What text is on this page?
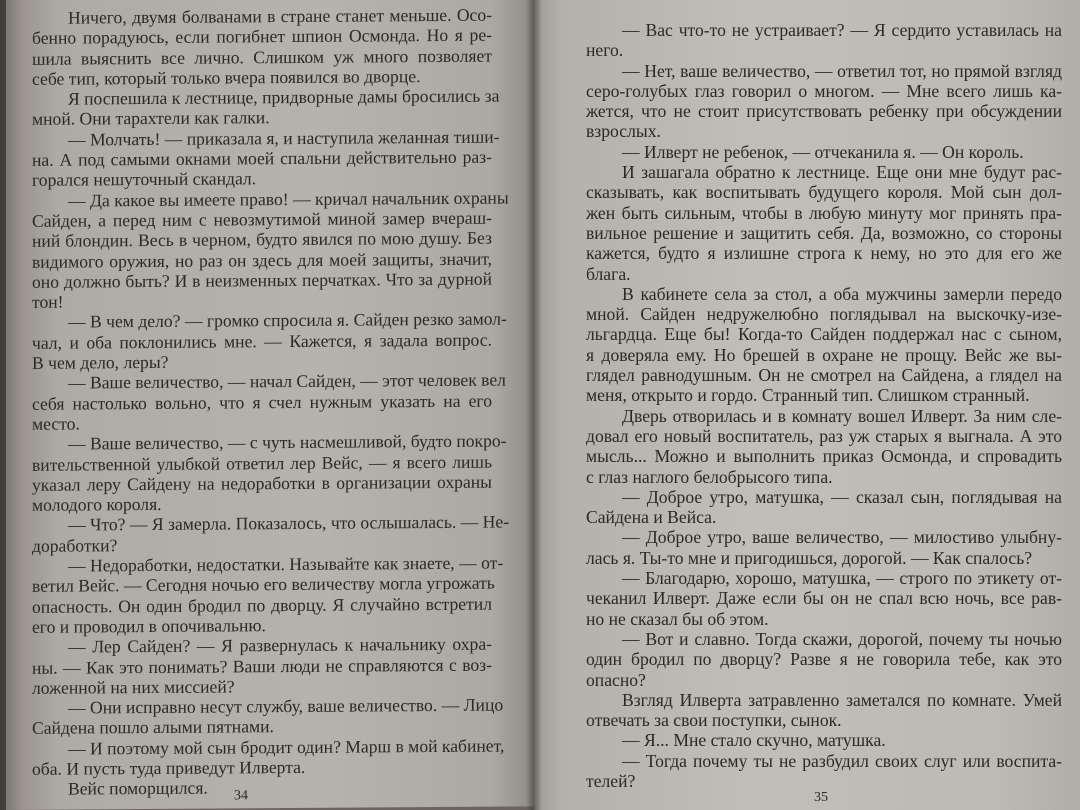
Ничего, двумя болванами в стране станет меньше. Осо-
бенно порадуюсь, если погибнет шпион Осмонда. Но я ре-
шила выяснить все лично. Слишком уж много позволяет
себе тип, который только вчера появился во дворце.
Я поспешила к лестнице, придворные дамы бросились за
мной. Они тарахтели как галки.
— Молчать! — приказала я, и наступила желанная тиши-
на. А под самыми окнами моей спальни действительно раз-
горался нешуточный скандал.
— Да какое вы имеете право! — кричал начальник охраны
Сайден, а перед ним с невозмутимой миной замер вчераш-
ний блондин. Весь в черном, будто явился по мою душу. Без
видимого оружия, но раз он здесь для моей защиты, значит,
оно должно быть? И в неизменных перчатках. Что за дурной
тон!
— В чем дело? — громко спросила я. Сайден резко замол-
чал, и оба поклонились мне. — Кажется, я задала вопрос.
В чем дело, леры?
— Ваше величество, — начал Сайден, — этот человек вел
себя настолько вольно, что я счел нужным указать на его
место.
— Ваше величество, — с чуть насмешливой, будто покро-
вительственной улыбкой ответил лер Вейс, — я всего лишь
указал леру Сайдену на недоработки в организации охраны
молодого короля.
— Что? — Я замерла. Показалось, что ослышалась. — Не-
доработки?
— Недоработки, недостатки. Называйте как знаете, — от-
ветил Вейс. — Сегодня ночью его величеству могла угрожать
опасность. Он один бродил по дворцу. Я случайно встретил
его и проводил в опочивальню.
— Лер Сайден? — Я развернулась к начальнику охра-
ны. — Как это понимать? Ваши люди не справляются с воз-
ложенной на них миссией?
— Они исправно несут службу, ваше величество. — Лицо
Сайдена пошло алыми пятнами.
— И поэтому мой сын бродит один? Марш в мой кабинет,
оба. И пусть туда приведут Илверта.
Вейс поморщился.	34
— Вас что-то не устраивает? — Я сердито уставилась на
него.
— Нет, ваше величество, — ответил тот, но прямой взгляд
серо-голубых глаз говорил о многом. — Мне всего лишь ка-
жется, что не стоит присутствовать ребенку при обсуждении
взрослых.
— Илверт не ребенок, — отчеканила я. — Он король.
И зашагала обратно к лестнице. Еще они мне будут рас-
сказывать, как воспитывать будущего короля. Мой сын дол-
жен быть сильным, чтобы в любую минуту мог принять пра-
вильное решение и защитить себя. Да, возможно, со стороны
кажется, будто я излишне строга к нему, но это для его же
блага.
В кабинете села за стол, а оба мужчины замерли передо
мной. Сайден недружелюбно поглядывал на выскочку-изе-
льгардца. Еще бы! Когда-то Сайден поддержал нас с сыном,
я доверяла ему. Но брешей в охране не прощу. Вейс же вы-
глядел равнодушным. Он не смотрел на Сайдена, а глядел на
меня, открыто и гордо. Странный тип. Слишком странный.
Дверь отворилась и в комнату вошел Илверт. За ним сле-
довал его новый воспитатель, раз уж старых я выгнала. А это
мысль... Можно и выполнить приказ Осмонда, и спровадить
с глаз наглого белобрысого типа.
— Доброе утро, матушка, — сказал сын, поглядывая на
Сайдена и Вейса.
— Доброе утро, ваше величество, — милостиво улыбну-
лась я. Ты-то мне и пригодишься, дорогой. — Как спалось?
— Благодарю, хорошо, матушка, — строго по этикету от-
чеканил Илверт. Даже если бы он не спал всю ночь, все рав-
но не сказал бы об этом.
— Вот и славно. Тогда скажи, дорогой, почему ты ночью
один бродил по дворцу? Разве я не говорила тебе, как это
опасно?
Взгляд Илверта затравленно заметался по комнате. Умей
отвечать за свои поступки, сынок.
— Я... Мне стало скучно, матушка.
— Тогда почему ты не разбудил своих слуг или воспита-
телей?
35
